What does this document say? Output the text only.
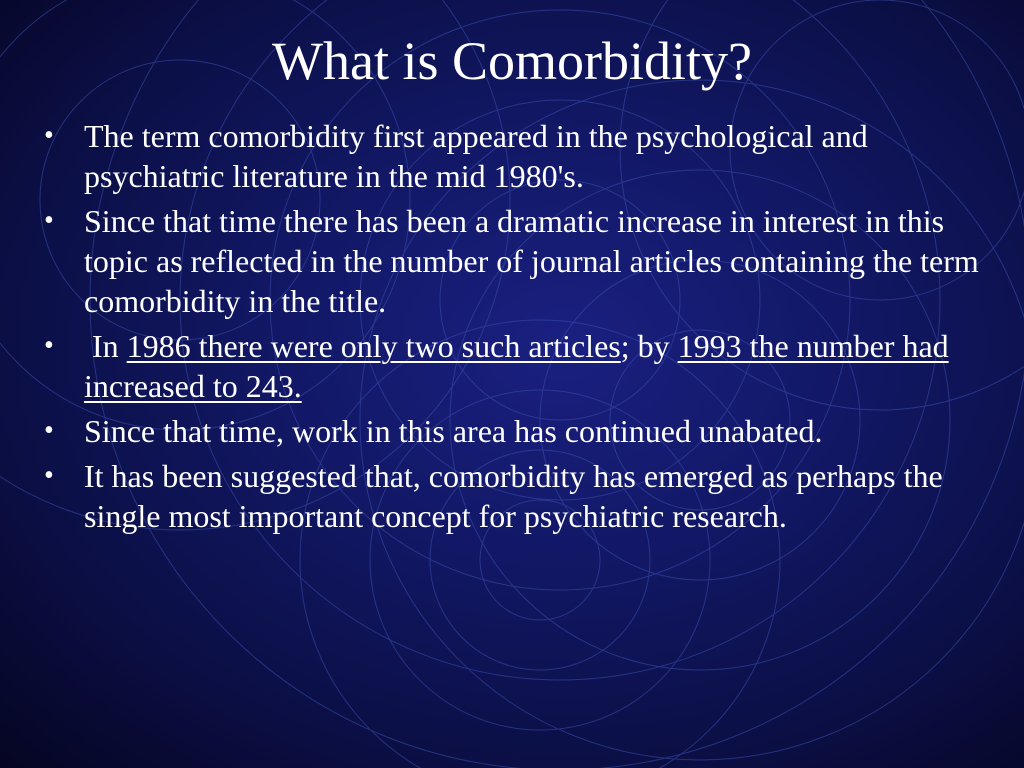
What is Comorbidity?
• The term comorbidity first appeared in the psychological and psychiatric literature in the mid 1980's.
• Since that time there has been a dramatic increase in interest in this topic as reflected in the number of journal articles containing the term comorbidity in the title.
• In 1986 there were only two such articles; by 1993 the number had increased to 243.
• Since that time, work in this area has continued unabated.
• It has been suggested that, comorbidity has emerged as perhaps the single most important concept for psychiatric research.
